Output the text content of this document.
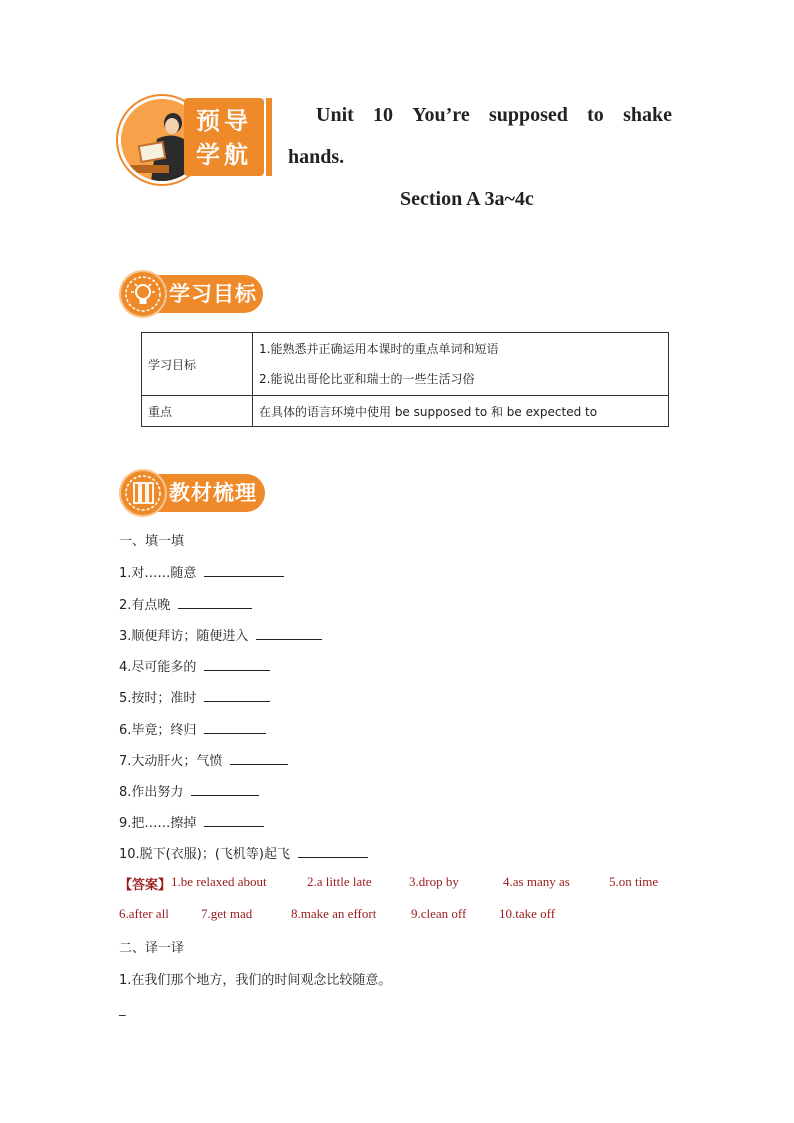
预导学航
Unit 10 You’re supposed to shake
hands.
Section A 3a~4c
学习目标
学习目标	1.能熟悉并正确运用本课时的重点单词和短语
2.能说出哥伦比亚和瑞士的一些生活习俗

重点	在具体的语言环境中使用 be supposed to 和 be expected to
教材梳理
一、填一填
1.对……随意
2.有点晚
3.顺便拜访；随便进入
4.尽可能多的
5.按时；准时
6.毕竟；终归
7.大动肝火；气愤
8.作出努力
9.把……擦掉
10.脱下(衣服)；(飞机等)起飞
【答案】 1.be relaxed about	2.a little late	3.drop by	4.as many as	5.on time
6.after all	7.get mad	8.make an effort	9.clean off	10.take off
二、译一译
1.在我们那个地方，我们的时间观念比较随意。
_
